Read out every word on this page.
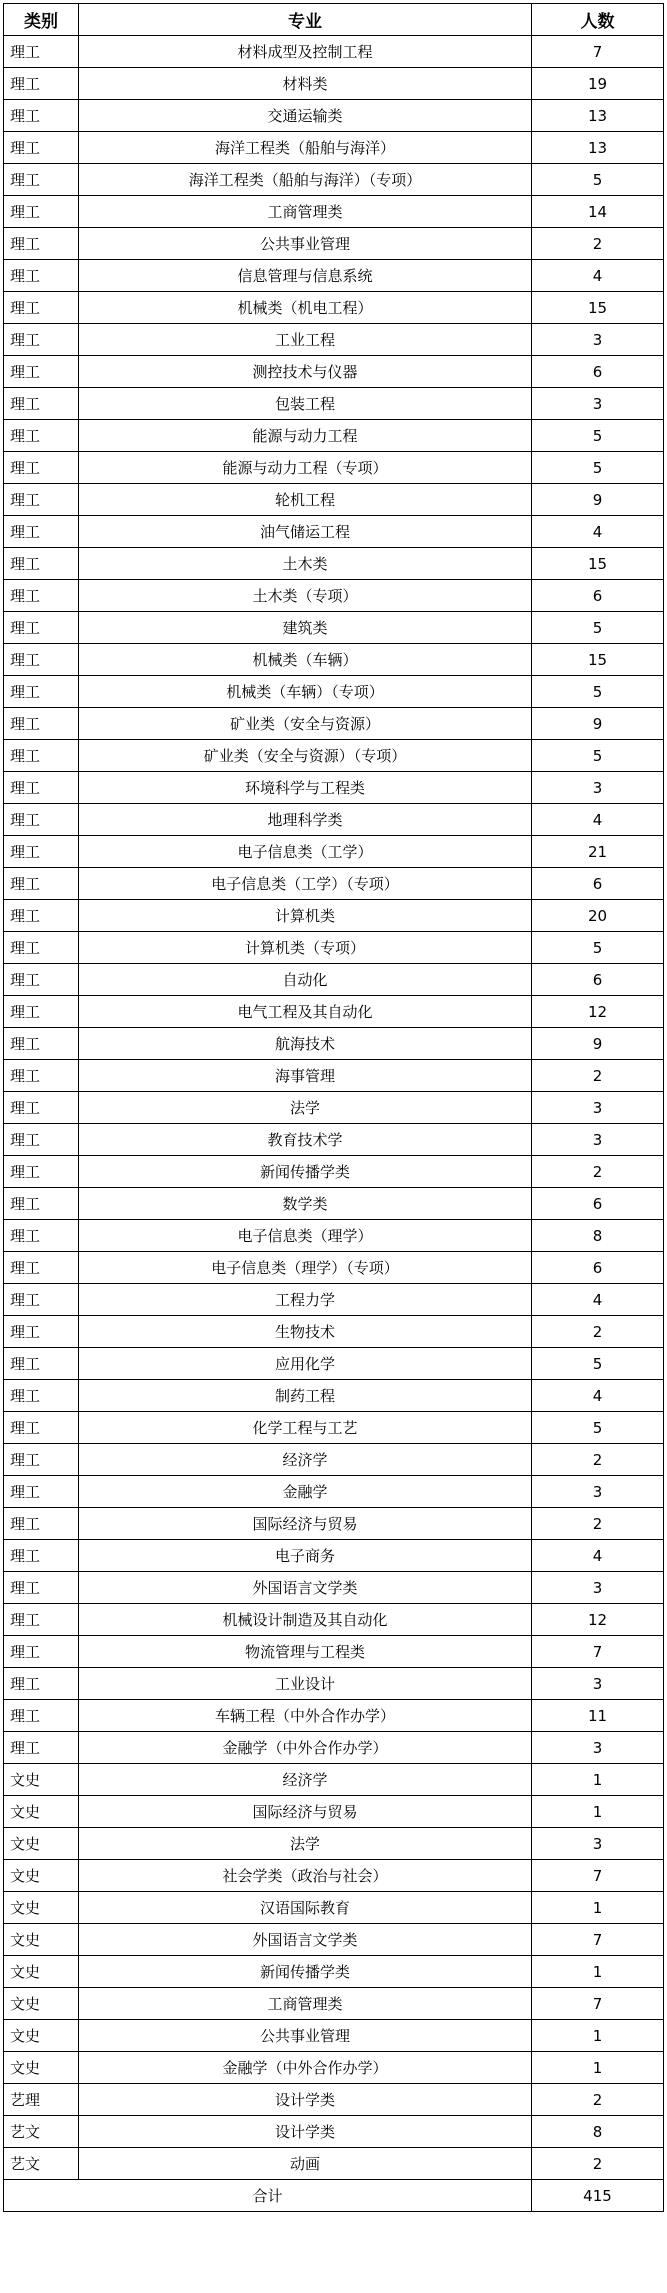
类别	专业	人数
理工	材料成型及控制工程	7
理工	材料类	19
理工	交通运输类	13
理工	海洋工程类（船舶与海洋）	13
理工	海洋工程类（船舶与海洋）（专项）	5
理工	工商管理类	14
理工	公共事业管理	2
理工	信息管理与信息系统	4
理工	机械类（机电工程）	15
理工	工业工程	3
理工	测控技术与仪器	6
理工	包装工程	3
理工	能源与动力工程	5
理工	能源与动力工程（专项）	5
理工	轮机工程	9
理工	油气储运工程	4
理工	土木类	15
理工	土木类（专项）	6
理工	建筑类	5
理工	机械类（车辆）	15
理工	机械类（车辆）（专项）	5
理工	矿业类（安全与资源）	9
理工	矿业类（安全与资源）（专项）	5
理工	环境科学与工程类	3
理工	地理科学类	4
理工	电子信息类（工学）	21
理工	电子信息类（工学）（专项）	6
理工	计算机类	20
理工	计算机类（专项）	5
理工	自动化	6
理工	电气工程及其自动化	12
理工	航海技术	9
理工	海事管理	2
理工	法学	3
理工	教育技术学	3
理工	新闻传播学类	2
理工	数学类	6
理工	电子信息类（理学）	8
理工	电子信息类（理学）（专项）	6
理工	工程力学	4
理工	生物技术	2
理工	应用化学	5
理工	制药工程	4
理工	化学工程与工艺	5
理工	经济学	2
理工	金融学	3
理工	国际经济与贸易	2
理工	电子商务	4
理工	外国语言文学类	3
理工	机械设计制造及其自动化	12
理工	物流管理与工程类	7
理工	工业设计	3
理工	车辆工程（中外合作办学）	11
理工	金融学（中外合作办学）	3
文史	经济学	1
文史	国际经济与贸易	1
文史	法学	3
文史	社会学类（政治与社会）	7
文史	汉语国际教育	1
文史	外国语言文学类	7
文史	新闻传播学类	1
文史	工商管理类	7
文史	公共事业管理	1
文史	金融学（中外合作办学）	1
艺理	设计学类	2
艺文	设计学类	8
艺文	动画	2
合计		415
